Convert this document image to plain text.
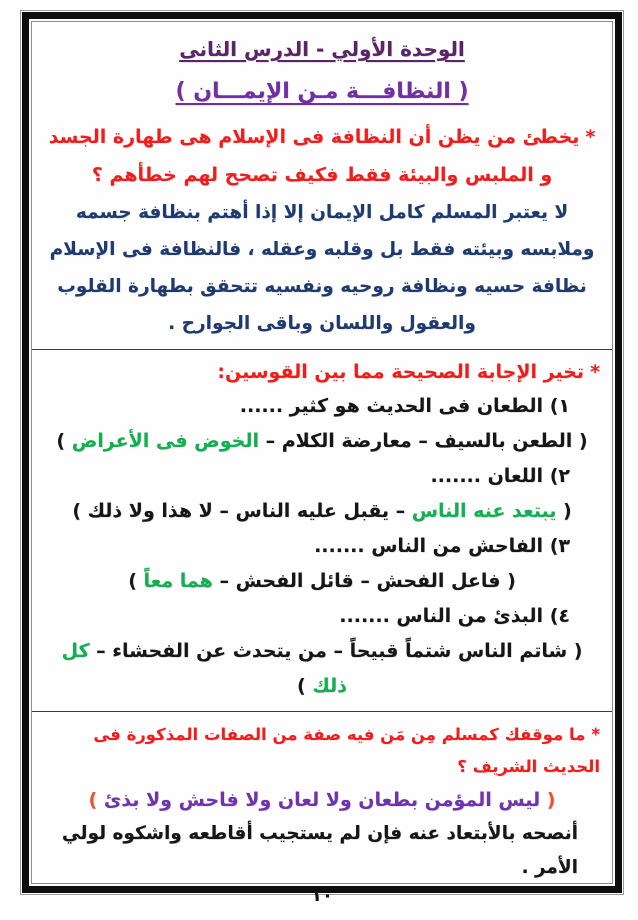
الوحدة الأولي - الدرس الثانى
( النظافـــة مـن الإيمـــان )

*يخطئ من يظن أن النظافة فى الإسلام هى طهارة الجسد و الملبس والبيئة فقط فكيف تصحح لهم خطأهم ؟

لا يعتبر المسلم كامل الإيمان إلا إذا أهتم بنظافة جسمه وملابسه وبيئته فقط بل وقلبه وعقله ، فالنظافة فى الإسلام نظافة حسيه ونظافة روحيه ونفسيه تتحقق بطهارة القلوب والعقول واللسان وباقى الجوارح .

*تخير الإجابة الصحيحة مما بين القوسين:

١) الطعان فى الحديث هو كثير ......

( الطعن بالسيف – معارضة الكلام – الخوض فى الأعراض )

٢) اللعان .......

( يبتعد عنه الناس – يقبل عليه الناس – لا هذا ولا ذلك )

٣) الفاحش من الناس .......

( فاعل الفحش – قائل الفحش – هما معاً )

٤) البذئ من الناس .......

( شاتم الناس شتماً قبيحاً – من يتحدث عن الفحشاء – كل ذلك )

*ما موقفك كمسلم مِن مَن فيه صفة من الصفات المذكورة فى الحديث الشريف ؟

( ليس المؤمن بطعان ولا لعان ولا فاحش ولا بذئ )

أنصحه بالأبتعاد عنه فإن لم يستجيب أقاطعه واشكوه لولي الأمر .

١٠
